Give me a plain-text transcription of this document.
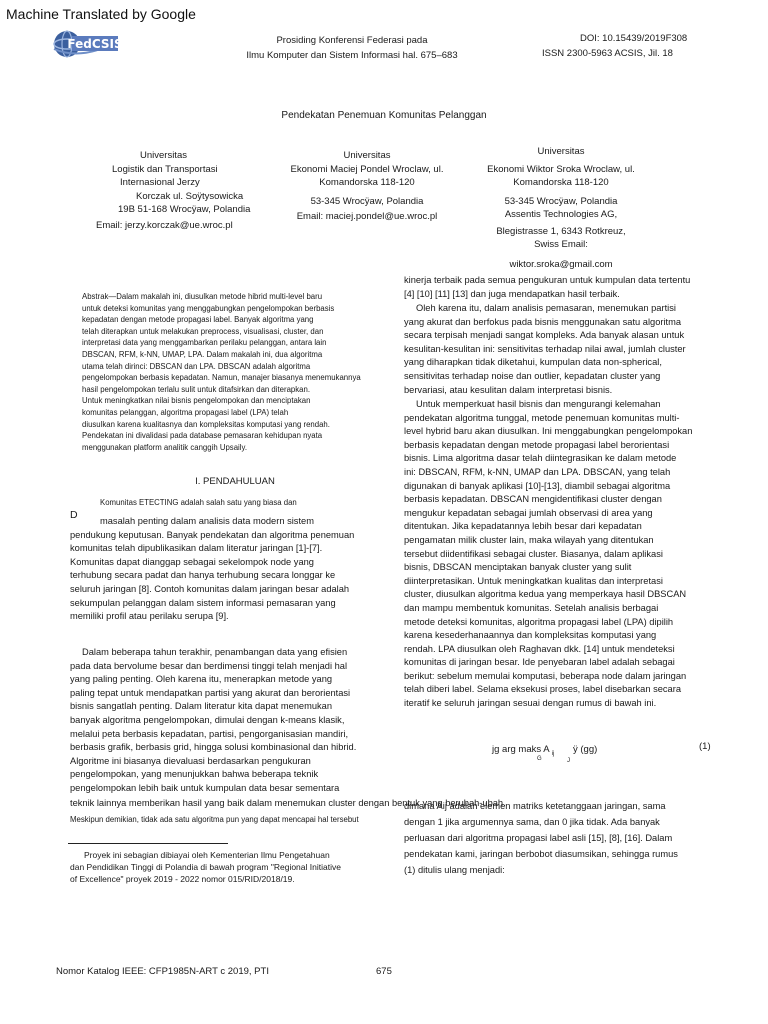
Machine Translated by Google
FedCSIS	Prosiding Konferensi Federasi pada
Ilmu Komputer dan Sistem Informasi hal. 675–683
DOI: 10.15439/2019F308
ISSN 2300-5963 ACSIS, Jil. 18
Pendekatan Penemuan Komunitas Pelanggan
Universitas
Logistik dan Transportasi
Internasional Jerzy
Korczak ul. Soÿtysowicka
19B 51-168 Wrocÿaw, Polandia
Email: jerzy.korczak@ue.wroc.pl
Universitas
Ekonomi Maciej Pondel Wroclaw, ul.
Komandorska 118-120
53-345 Wrocÿaw, Polandia
Email: maciej.pondel@ue.wroc.pl
Universitas
Ekonomi Wiktor Sroka Wroclaw, ul.
Komandorska 118-120
53-345 Wrocÿaw, Polandia
Assentis Technologies AG,
Blegistrasse 1, 6343 Rotkreuz,
Swiss Email:
wiktor.sroka@gmail.com
Abstrak—Dalam makalah ini, diusulkan metode hibrid multi-level baru
untuk deteksi komunitas yang menggabungkan pengelompokan berbasis
kepadatan dengan metode propagasi label. Banyak algoritma yang
telah diterapkan untuk melakukan preprocess, visualisasi, cluster, dan
interpretasi data yang menggambarkan perilaku pelanggan, antara lain
DBSCAN, RFM, k-NN, UMAP, LPA. Dalam makalah ini, dua algoritma
utama telah dirinci: DBSCAN dan LPA. DBSCAN adalah algoritma
pengelompokan berbasis kepadatan. Namun, manajer biasanya menemukannya
hasil pengelompokan terlalu sulit untuk ditafsirkan dan diterapkan.
Untuk meningkatkan nilai bisnis pengelompokan dan menciptakan
komunitas pelanggan, algoritma propagasi label (LPA) telah
diusulkan karena kualitasnya dan kompleksitas komputasi yang rendah.
Pendekatan ini divalidasi pada database pemasaran kehidupan nyata
menggunakan platform analitik canggih Upsaily.
I. PENDAHULUAN
Komunitas ETECTING adalah salah satu yang biasa dan
D	masalah penting dalam analisis data modern sistem
pendukung keputusan. Banyak pendekatan dan algoritma penemuan
komunitas telah dipublikasikan dalam literatur jaringan [1]-[7].
Komunitas dapat dianggap sebagai sekelompok node yang
terhubung secara padat dan hanya terhubung secara longgar ke
seluruh jaringan [8]. Contoh komunitas dalam jaringan besar adalah
sekumpulan pelanggan dalam sistem informasi pemasaran yang
memiliki profil atau perilaku serupa [9].
Dalam beberapa tahun terakhir, penambangan data yang efisien
pada data bervolume besar dan berdimensi tinggi telah menjadi hal
yang paling penting. Oleh karena itu, menerapkan metode yang
paling tepat untuk mendapatkan partisi yang akurat dan berorientasi
bisnis sangatlah penting. Dalam literatur kita dapat menemukan
banyak algoritma pengelompokan, dimulai dengan k-means klasik,
melalui peta berbasis kepadatan, partisi, pengorganisasian mandiri,
berbasis grafik, berbasis grid, hingga solusi kombinasional dan hibrid.
Algoritme ini biasanya dievaluasi berdasarkan pengukuran
pengelompokan, yang menunjukkan bahwa beberapa teknik
pengelompokan lebih baik untuk kumpulan data besar sementara
teknik lainnya memberikan hasil yang baik dalam menemukan cluster dengan bentuk yang berubah-ubah.
Meskipun demikian, tidak ada satu algoritma pun yang dapat mencapai hal tersebut
Proyek ini sebagian dibiayai oleh Kementerian Ilmu Pengetahuan
dan Pendidikan Tinggi di Polandia di bawah program "Regional Initiative
of Excellence" proyek 2019 - 2022 nomor 015/RID/2018/19.
kinerja terbaik pada semua pengukuran untuk kumpulan data tertentu
[4] [10] [11] [13] dan juga mendapatkan hasil terbaik.
Oleh karena itu, dalam analisis pemasaran, menemukan partisi
yang akurat dan berfokus pada bisnis menggunakan satu algoritma
secara terpisah menjadi sangat kompleks. Ada banyak alasan untuk
kesulitan-kesulitan ini: sensitivitas terhadap nilai awal, jumlah cluster
yang diharapkan tidak diketahui, kumpulan data non-spherical,
sensitivitas terhadap noise dan outlier, kepadatan cluster yang
bervariasi, atau kesulitan dalam interpretasi bisnis.
Untuk memperkuat hasil bisnis dan mengurangi kelemahan
pendekatan algoritma tunggal, metode penemuan komunitas multi-
level hybrid baru akan diusulkan. Ini menggabungkan pengelompokan
berbasis kepadatan dengan metode propagasi label berorientasi
bisnis. Lima algoritma dasar telah diintegrasikan ke dalam metode
ini: DBSCAN, RFM, k-NN, UMAP dan LPA. DBSCAN, yang telah
digunakan di banyak aplikasi [10]-[13], diambil sebagai algoritma
berbasis kepadatan. DBSCAN mengidentifikasi cluster dengan
mengukur kepadatan sebagai jumlah observasi di area yang
ditentukan. Jika kepadatannya lebih besar dari kepadatan
pengamatan milik cluster lain, maka wilayah yang ditentukan
tersebut diidentifikasi sebagai cluster. Biasanya, dalam aplikasi
bisnis, DBSCAN menciptakan banyak cluster yang sulit
diinterpretasikan. Untuk meningkatkan kualitas dan interpretasi
cluster, diusulkan algoritma kedua yang memperkaya hasil DBSCAN
dan mampu membentuk komunitas. Setelah analisis berbagai
metode deteksi komunitas, algoritma propagasi label (LPA) dipilih
karena kesederhanaannya dan kompleksitas komputasi yang
rendah. LPA diusulkan oleh Raghavan dkk. [14] untuk mendeteksi
komunitas di jaringan besar. Ide penyebaran label adalah sebagai
berikut: sebelum memulai komputasi, beberapa node dalam jaringan
telah diberi label. Selama eksekusi proses, label disebarkan secara
iteratif ke seluruh jaringan sesuai dengan rumus di bawah ini.
jg arg maks A $_{ij}$ ÿ (gg)
G	J
(1)
dimana Aij adalah elemen matriks ketetanggaan jaringan, sama
dengan 1 jika argumennya sama, dan 0 jika tidak. Ada banyak
perluasan dari algoritma propagasi label asli [15], [8], [16]. Dalam
pendekatan kami, jaringan berbobot diasumsikan, sehingga rumus
(1) ditulis ulang menjadi:
Nomor Katalog IEEE: CFP1985N-ART c 2019, PTI	675
